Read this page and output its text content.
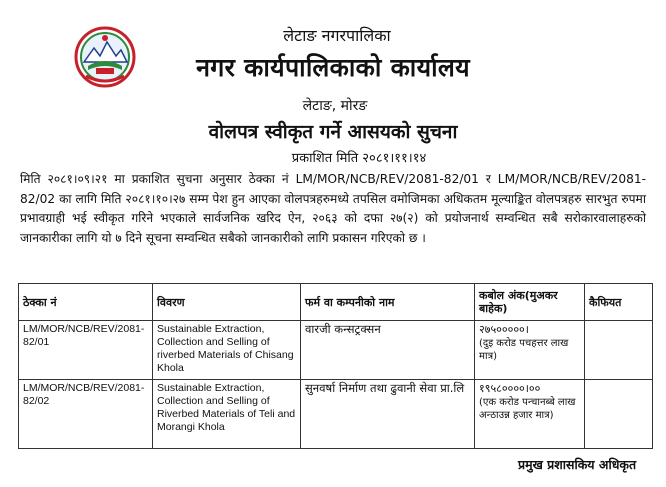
लेटाङ नगरपालिका
नगर कार्यपालिकाको कार्यालय
लेटाङ, मोरङ
वोलपत्र स्वीकृत गर्ने आसयको सुचना
प्रकाशित मिति २०८१।११।१४

मिति २०८१।०९।२१ मा प्रकाशित सुचना अनुसार ठेक्का नं LM/MOR/NCB/REV/2081-82/01 र LM/MOR/NCB/REV/2081-82/02 का लागि मिति २०८१।१०।२७ सम्म पेश हुन आएका वोलपत्रहरुमध्ये तपसिल वमोजिमका अधिकतम मूल्याङ्कित वोलपत्रहरु सारभुत रुपमा प्रभावग्राही भई स्वीकृत गरिने भएकाले सार्वजनिक खरिद ऐन, २०६३ को दफा २७(२) को प्रयोजनार्थ सम्वन्धित सबै सरोकारवालाहरुको जानकारीका लागि यो ७ दिने सूचना सम्वन्धित सबैको जानकारीको लागि प्रकासन गरिएको छ ।

ठेक्का नं	विवरण	फर्म वा कम्पनीको नाम	कबोल अंक(मुअकर बाहेक)	कैफियत
LM/MOR/NCB/REV/2081-82/01	Sustainable Extraction, Collection and Selling of riverbed Materials of Chisang Khola	वारजी कन्सट्रक्सन	२७५०००००।
(दुइ करोड पचहत्तर लाख मात्र)	

LM/MOR/NCB/REV/2081-82/02	Sustainable Extraction, Collection and Selling of Riverbed Materials of Teli and Morangi Khola	सुनवर्षा निर्माण तथा ढुवानी सेवा प्रा.लि	१९५८००००।००
(एक करोड पन्चानब्बे लाख अन्ठाउन्न हजार मात्र)	

प्रमुख प्रशासकिय अधिकृत
